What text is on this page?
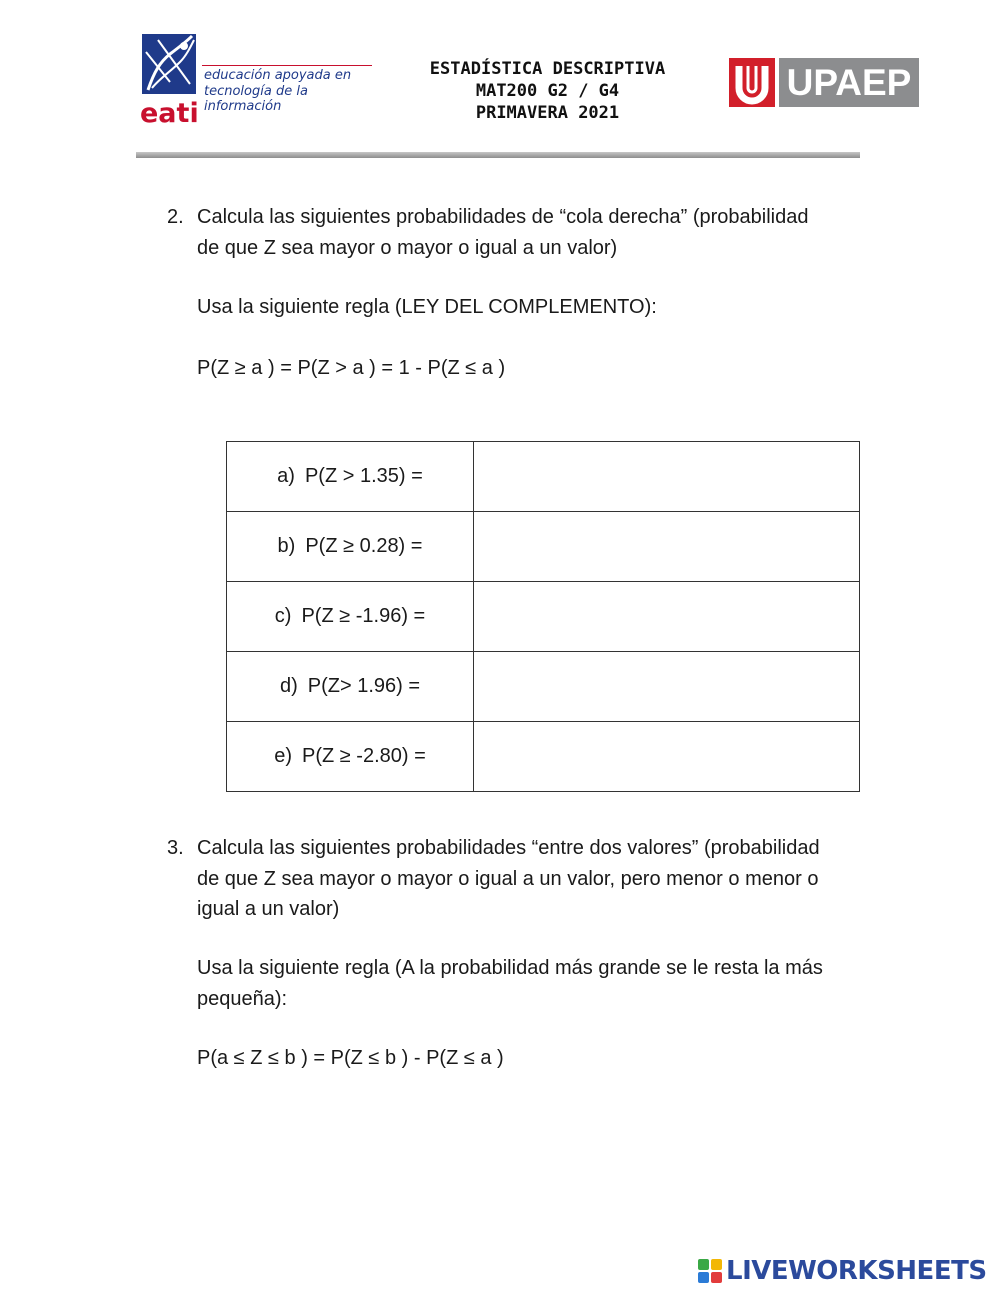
educación apoyada en
tecnología de la información
eati
ESTADÍSTICA DESCRIPTIVA
MAT200 G2 / G4
PRIMAVERA 2021
UPAEP
2. Calcula las siguientes probabilidades de “cola derecha” (probabilidad
de que Z sea mayor o mayor o igual a un valor)
Usa la siguiente regla (LEY DEL COMPLEMENTO):
P(Z ≥ a ) = P(Z > a ) = 1 - P(Z ≤ a )
a) P(Z > 1.35) =	
b) P(Z ≥ 0.28) =	
c) P(Z ≥ -1.96) =	
d) P(Z> 1.96) =	
e) P(Z ≥ -2.80) =	
3. Calcula las siguientes probabilidades “entre dos valores” (probabilidad
de que Z sea mayor o mayor o igual a un valor, pero menor o menor o
igual a un valor)
Usa la siguiente regla (A la probabilidad más grande se le resta la más
pequeña):
P(a ≤ Z ≤ b ) = P(Z ≤ b ) - P(Z ≤ a )
LIVEWORKSHEETS
